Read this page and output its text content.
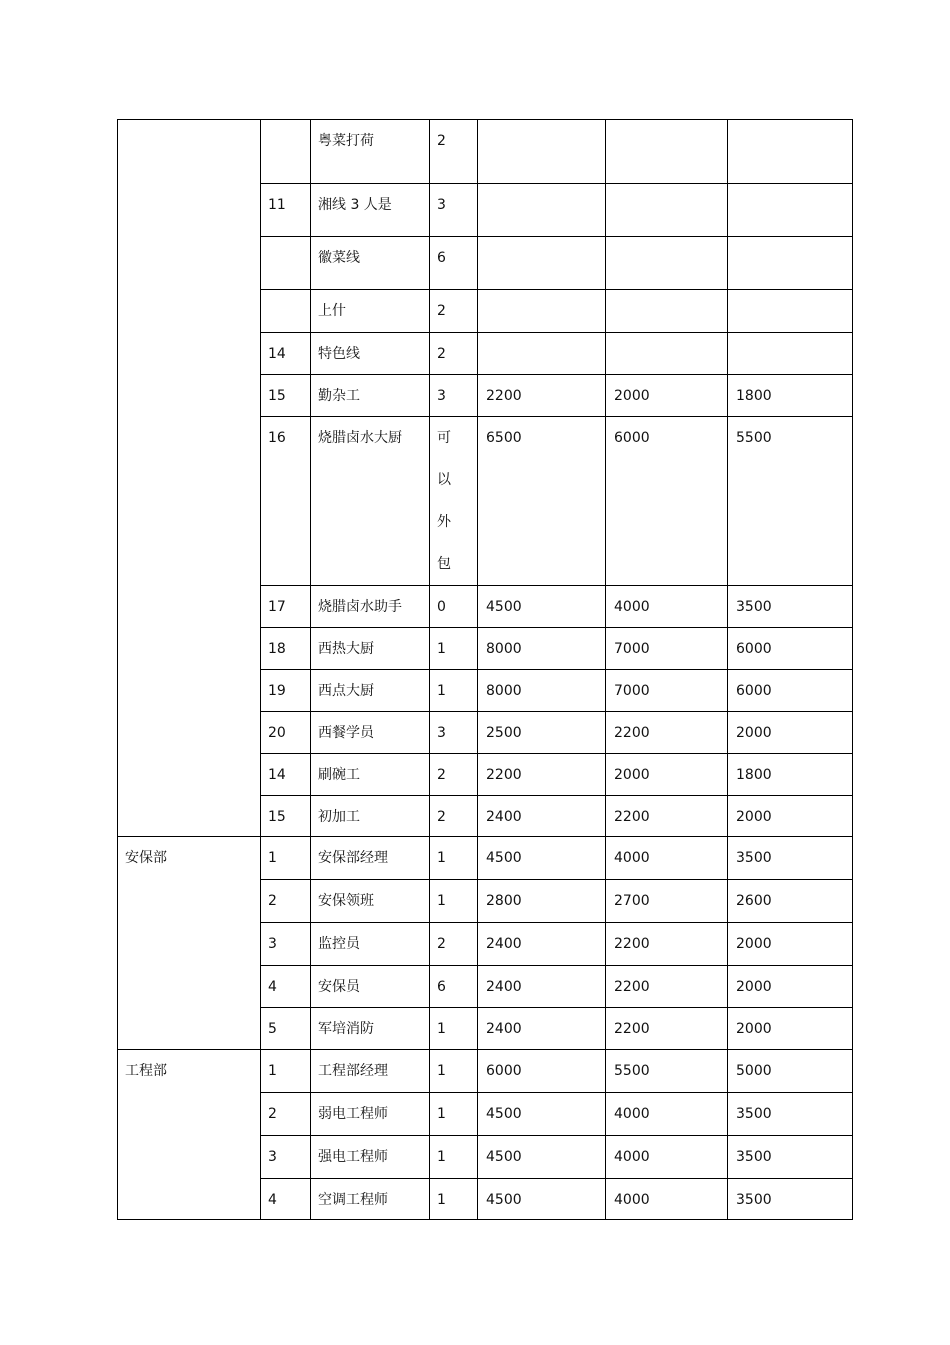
		粤菜打荷	2			
	11	湘线 3 人是	3			
		徽菜线	6			
		上什	2			
	14	特色线	2			
	15	勤杂工	3	2200	2000	1800
	16	烧腊卤水大厨	可以外包	6500	6000	5500
	17	烧腊卤水助手	0	4500	4000	3500
	18	西热大厨	1	8000	7000	6000
	19	西点大厨	1	8000	7000	6000
	20	西餐学员	3	2500	2200	2000
	14	刷碗工	2	2200	2000	1800
	15	初加工	2	2400	2200	2000
安保部	1	安保部经理	1	4500	4000	3500
	2	安保领班	1	2800	2700	2600
	3	监控员	2	2400	2200	2000
	4	安保员	6	2400	2200	2000
	5	军培消防	1	2400	2200	2000
工程部	1	工程部经理	1	6000	5500	5000
	2	弱电工程师	1	4500	4000	3500
	3	强电工程师	1	4500	4000	3500
	4	空调工程师	1	4500	4000	3500
